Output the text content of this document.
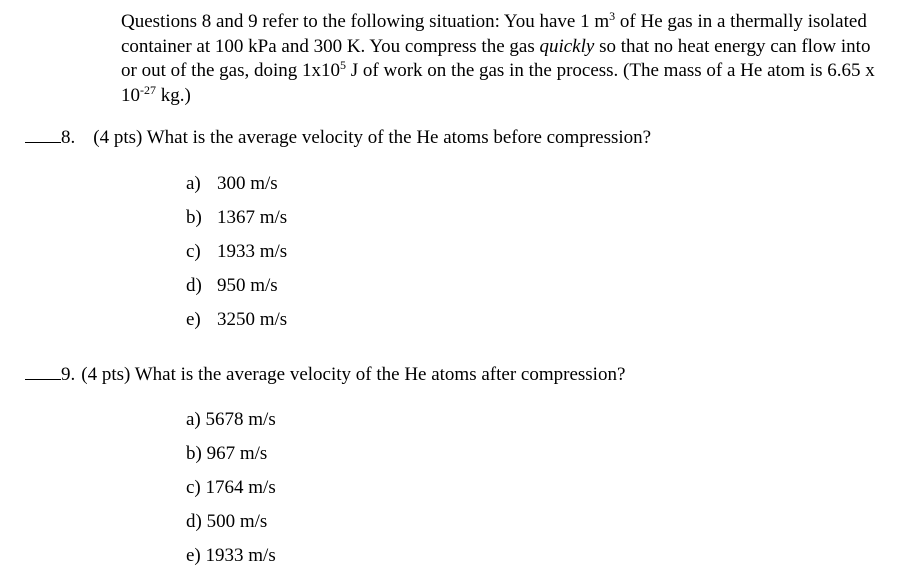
Questions 8 and 9 refer to the following situation: You have 1 $m^3$ of He gas in a thermally isolated container at 100 kPa and 300 K. You compress the gas quickly so that no heat energy can flow into or out of the gas, doing $1x10^5$ J of work on the gas in the process. (The mass of a He atom is 6.65 x $10^{-27}$ kg.)
8. (4 pts) What is the average velocity of the He atoms before compression?
a) 300 m/s
b) 1367 m/s
c) 1933 m/s
d) 950 m/s
e) 3250 m/s
9. (4 pts) What is the average velocity of the He atoms after compression?
a) 5678 m/s
b) 967 m/s
c) 1764 m/s
d) 500 m/s
e) 1933 m/s
